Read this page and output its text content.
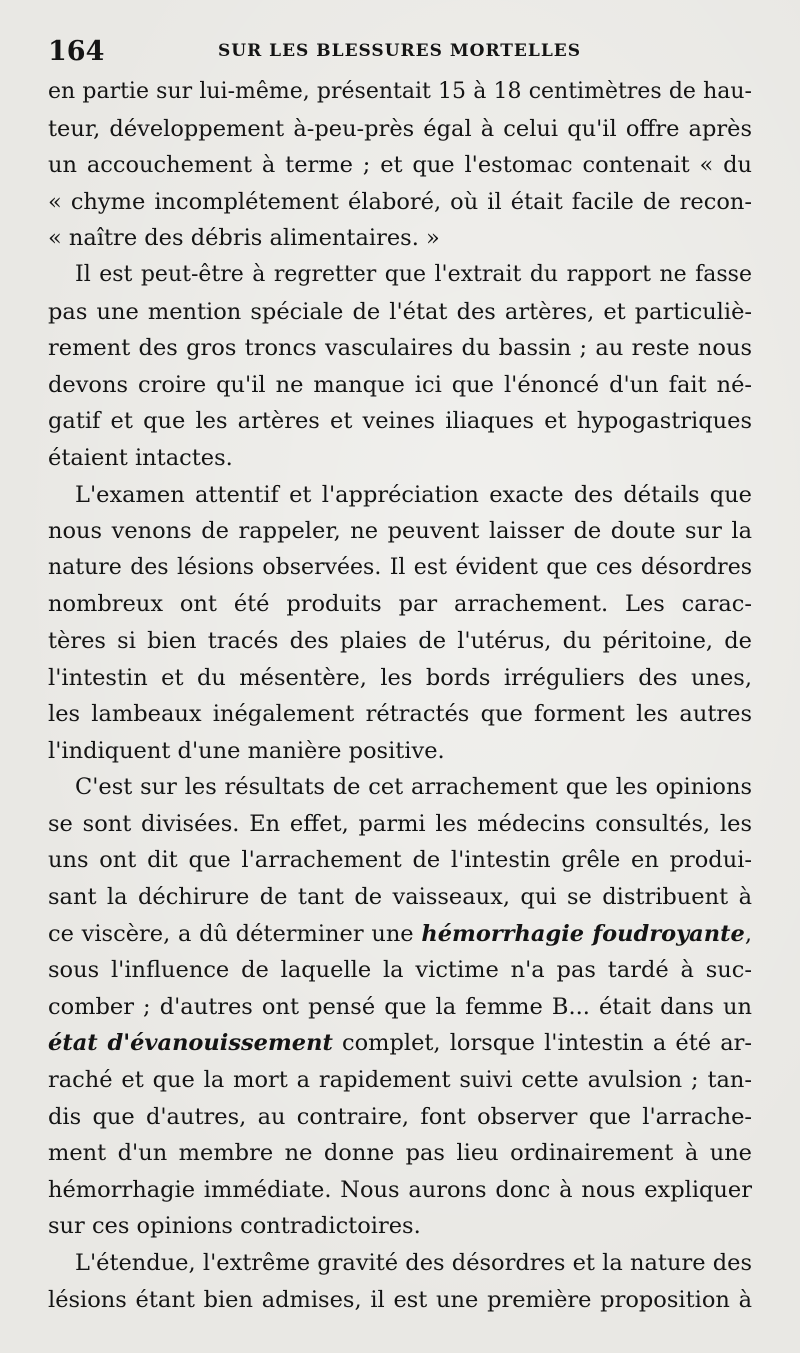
164	SUR LES BLESSURES MORTELLES
en partie sur lui-même, présentait 15 à 18 centimètres de hau-
teur, développement à-peu-près égal à celui qu'il offre après
un accouchement à terme ; et que l'estomac contenait « du
« chyme incomplétement élaboré, où il était facile de recon-
« naître des débris alimentaires. »
Il est peut-être à regretter que l'extrait du rapport ne fasse
pas une mention spéciale de l'état des artères, et particuliè-
rement des gros troncs vasculaires du bassin ; au reste nous
devons croire qu'il ne manque ici que l'énoncé d'un fait né-
gatif et que les artères et veines iliaques et hypogastriques
étaient intactes.
L'examen attentif et l'appréciation exacte des détails que
nous venons de rappeler, ne peuvent laisser de doute sur la
nature des lésions observées. Il est évident que ces désordres
nombreux ont été produits par arrachement. Les carac-
tères si bien tracés des plaies de l'utérus, du péritoine, de
l'intestin et du mésentère, les bords irréguliers des unes,
les lambeaux inégalement rétractés que forment les autres
l'indiquent d'une manière positive.
C'est sur les résultats de cet arrachement que les opinions
se sont divisées. En effet, parmi les médecins consultés, les
uns ont dit que l'arrachement de l'intestin grêle en produi-
sant la déchirure de tant de vaisseaux, qui se distribuent à
ce viscère, a dû déterminer une hémorrhagie foudroyante,
sous l'influence de laquelle la victime n'a pas tardé à suc-
comber ; d'autres ont pensé que la femme B... était dans un
état d'évanouissement complet, lorsque l'intestin a été ar-
raché et que la mort a rapidement suivi cette avulsion ; tan-
dis que d'autres, au contraire, font observer que l'arrache-
ment d'un membre ne donne pas lieu ordinairement à une
hémorrhagie immédiate. Nous aurons donc à nous expliquer
sur ces opinions contradictoires.
L'étendue, l'extrême gravité des désordres et la nature des
lésions étant bien admises, il est une première proposition à
